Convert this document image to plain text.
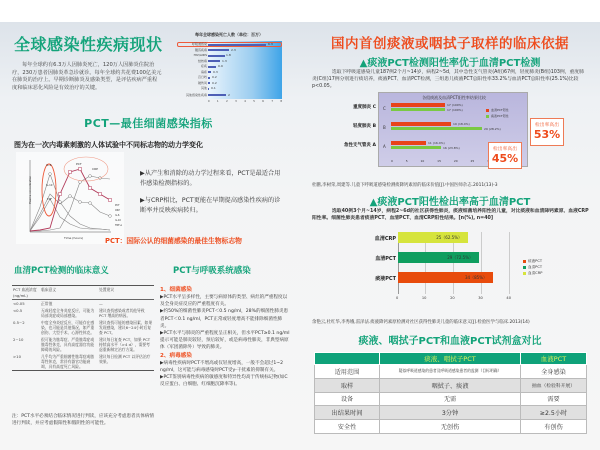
全球感染性疾病现状
每年全球约有6.3万人因肺炎死亡，120万人因肺炎住院治疗，230万患者因肺炎革急诊就诊。每年全球约共花费100亿美元在肺炎的治疗上。早期诊断肺炎及感染类型，是评估疾病严重程度和临床恶化风险是有效治疗的关键。
每年全球感染死亡人数（单位：百万）
呼吸道感染	6.3
腹泻疾病	2.3
HIV/AIDS	1.8
结核病	1.3
疟疾	0.9
麻疹 0.3
百日咳 0.2
破伤风 0.2
其他 0.1
其他感染性疾病	2
0	1	2	3	4	5	6	7	8
PCT—最佳细菌感染指标
图为在一次内毒素刺激的人体试验中不同标志物的动力学变化
Plasma concentration
Time (hours)
IL-6
IL-10
TNF
PCT
CRP
PCT
CRP
IL-6
IL-10
TNF-α
▶从产生和消除的动力学过程来看，PCT是最适合用作感染检测指标的。
▶与CRP相比，PCT更能在早期提高感染性疾病的诊断率并反映疾病转归。
PCT：国际公认的细菌感染的最佳生物标志物
血清PCT检测的临床意义
PCT 血液浓度 (ng/mL)	临床意义	处置建议
<0.05	正常值	—
<0.5	无或轻度全身炎症反应，可能为局部炎症或局部感染。	建议查找感染或者其他导致 PCT 增高的病因。
0.5~2	中度全身炎症反应，可能存在感染，也可能是其他情况，如严重创伤、大型手术、心源性休克。	建议查找可能的感染因素，如果发现感染，建议6~24小时后复查 PCT。
2~10	很可能为脓毒症、严重脓毒症或脓毒性休克，具有高度器官功能障碍的风险。	建议每日复查 PCT，如果 PCT 持续高水平（>4 d），需要考虑重新制定治疗方案。
>10	几乎均为严重细菌性脓毒症或脓毒性休克，常伴有器官功能衰竭，具有高度死亡风险。	建议每日检测 PCT 以评估治疗效果。
注：PCT水平必须结合临床情况进行判读，应该充分考虑患者具体病情进行判读，并应考虑假阳性和假阴性的可能性。
PCT与呼吸系统感染
1、细菌感染
▶PCT水平呈多样性，主要与病原体的类型、病灶的严重程度以及全身炎症反应的严重程度有关。
▶约50%的细菌性肺炎PCT＜0.5 ng/ml，28%的细菌性肺炎患者PCT＜0.1 ng/ml，PCT正常或轻度增高不能排除细菌性肺炎。
▶PCT水平与肺炎的严重程度呈正相关，但水平PCT≥0.1 ng/ml提示可能是肺炎较轻，预后较好，或是病毒性肺炎，非典型病原体（军团菌除外）导致的肺炎。
2、病毒感染
▶病毒性疾病时PCT不增高或仅轻度增高，一般不会超过1~2 ng/ml，这可能与病毒感染时PCT受γ-干扰素的抑制有关。
▶PCT鉴别病毒性疾病的敏感度和特异性均高于传统标记物(如C反应蛋白、白细胞、红细胞沉降率等)。
国内首创痰液或咽拭子取样的临床依据
▲痰液PCT检测阳性率优于血清PCT检测
选取下呼吸道感染儿童187例2个月~14岁，病程2~5d，其中急性支气管炎(A组)67例，轻度肺炎(B组)103例，重度肺炎(C组)17例分别进行痰培养，痰液PCT、血清PCT检测，三组患儿痰液PCT总阳性率33.2%与血清PCT总阳性率(25.1%)比较p<0.05。
各组痰液及血清PCT阳性率结果比较
重度肺炎 C C
17 (100%)
17 (100%)
轻度肺炎 B B
19 (18.4%)
29 (28.2%)
急性支气管炎 A A
11 (16.4%)
16 (23.8%)
血清PCT阳性
痰液PCT阳性
0	5	10	15	20	25
检出率高出
45%
检出率高出
53%
杜鹏,李树荣,周建等.儿童下呼吸道感染检测痰降钙素原的临床价值[J].中国医师杂志.2011(13)-3
▲痰液PCT阳性检出率高于血清PCT
选取40例3个月~14岁，病程2~6d的社区获得性肺炎，痰液细菌培养阳性的儿童，对比痰液和血清降钙素原、血液CRP阳性率。细菌性肺炎患者痰液PCT、血清PCT、血清CRP阳性结果。[n(%), n=40]
血清CRP	25（62.5%）
血清PCT	29（72.5%）
痰液PCT	34（85%）
0	10	20	30	40
痰液PCT
血清PCT
血清CRP
余艳云,杜红华,李秀娥,雷泽法.痰液降钙素原检测对社区获得性肺炎儿童的临床意义[J].检验医学与临床.2013(14)
痰液、咽拭子PCT和血液PCT试剂盒对比
	痰液、咽拭子PCT	血液PCT
适用范围	疑似呼吸道感染的患者及呼吸道感染患者的监测（目标明确）	全身感染
取样	咽拭子、痰液	抽血（检验科开展）
设备	无需	需要
出结果时间	3分钟	≥2.5小时
安全性	无创伤	有创伤
